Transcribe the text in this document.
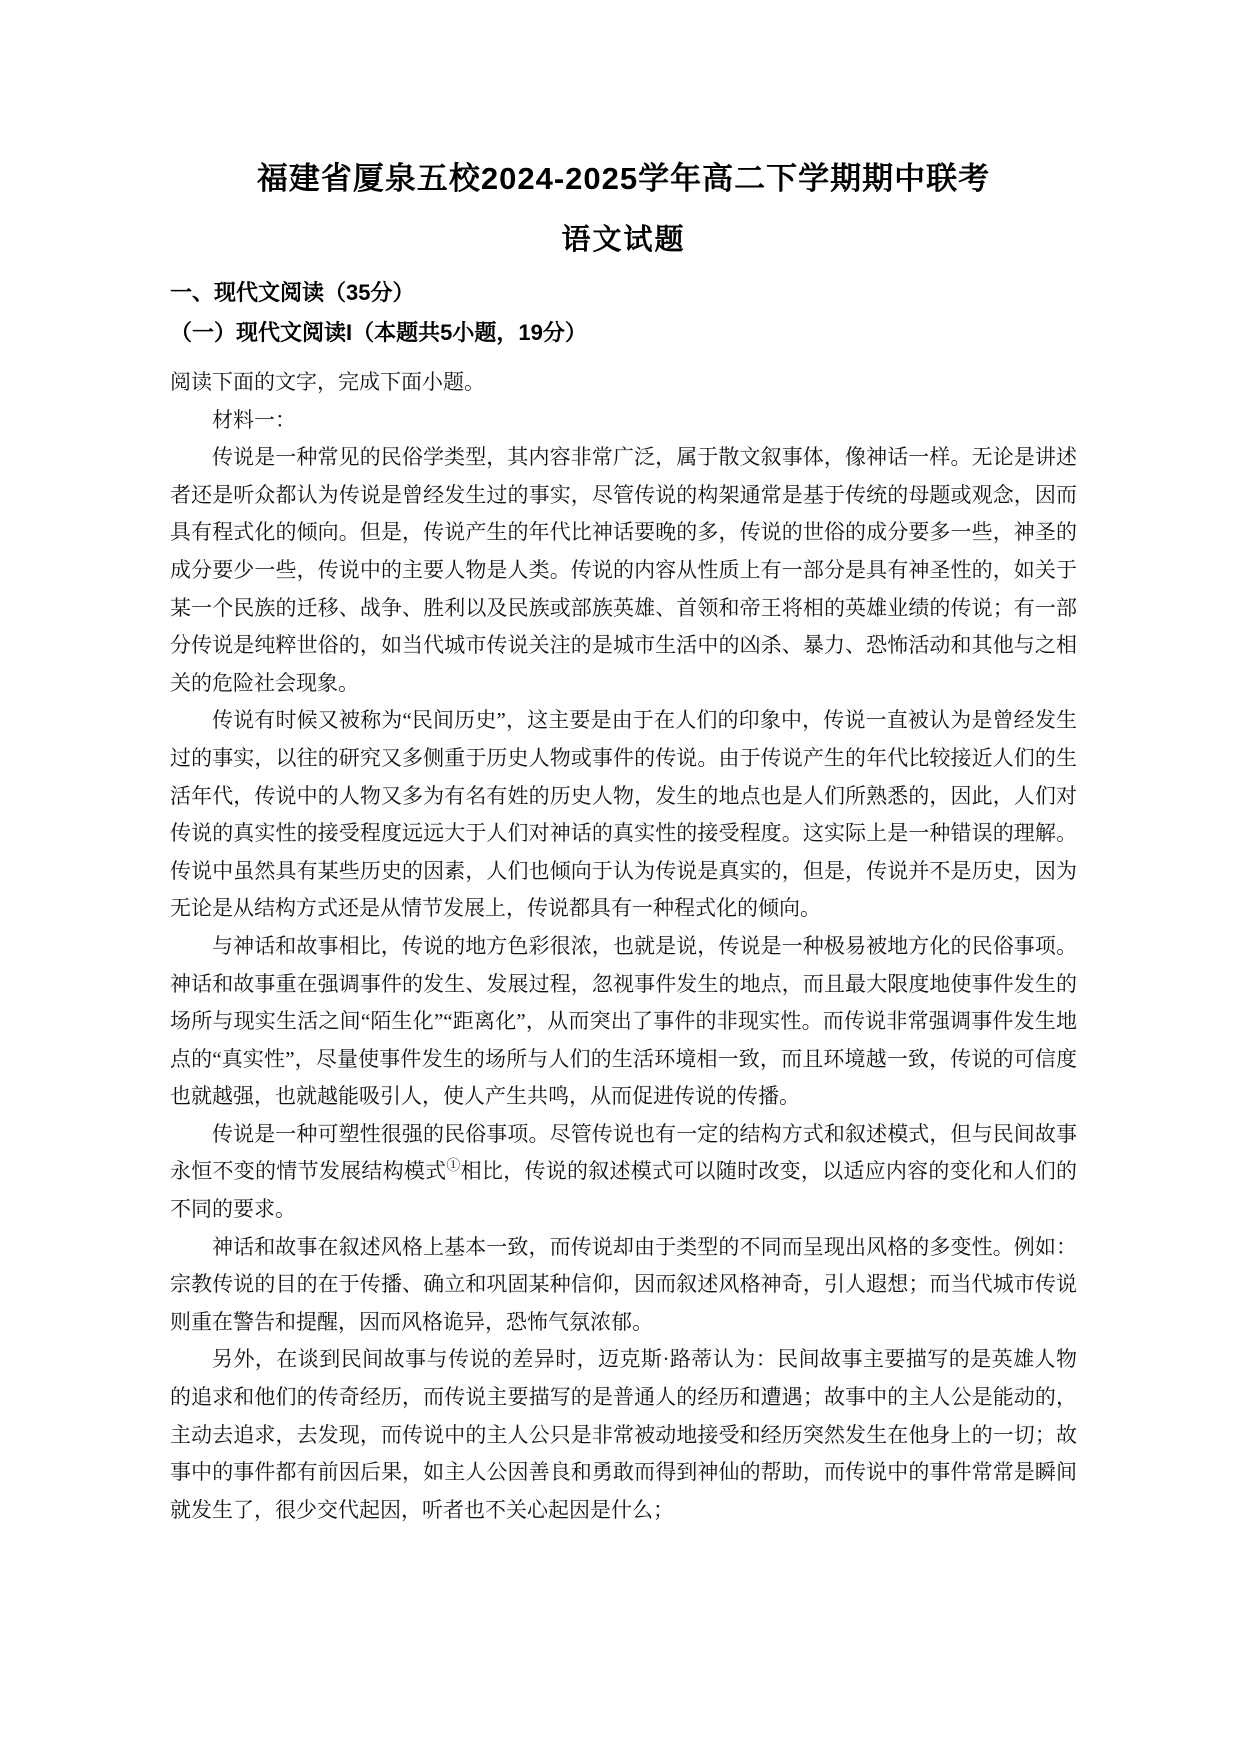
福建省厦泉五校2024-2025学年高二下学期期中联考
语文试题
一、现代文阅读（35分）
（一）现代文阅读I（本题共5小题，19分）

阅读下面的文字，完成下面小题。

材料一：

传说是一种常见的民俗学类型，其内容非常广泛，属于散文叙事体，像神话一样。无论是讲述者还是听众都认为传说是曾经发生过的事实，尽管传说的构架通常是基于传统的母题或观念，因而具有程式化的倾向。但是，传说产生的年代比神话要晚的多，传说的世俗的成分要多一些，神圣的成分要少一些，传说中的主要人物是人类。传说的内容从性质上有一部分是具有神圣性的，如关于某一个民族的迁移、战争、胜利以及民族或部族英雄、首领和帝王将相的英雄业绩的传说；有一部分传说是纯粹世俗的，如当代城市传说关注的是城市生活中的凶杀、暴力、恐怖活动和其他与之相关的危险社会现象。

传说有时候又被称为“民间历史”，这主要是由于在人们的印象中，传说一直被认为是曾经发生过的事实，以往的研究又多侧重于历史人物或事件的传说。由于传说产生的年代比较接近人们的生活年代，传说中的人物又多为有名有姓的历史人物，发生的地点也是人们所熟悉的，因此，人们对传说的真实性的接受程度远远大于人们对神话的真实性的接受程度。这实际上是一种错误的理解。传说中虽然具有某些历史的因素，人们也倾向于认为传说是真实的，但是，传说并不是历史，因为无论是从结构方式还是从情节发展上，传说都具有一种程式化的倾向。

与神话和故事相比，传说的地方色彩很浓，也就是说，传说是一种极易被地方化的民俗事项。神话和故事重在强调事件的发生、发展过程，忽视事件发生的地点，而且最大限度地使事件发生的场所与现实生活之间“陌生化”“距离化”，从而突出了事件的非现实性。而传说非常强调事件发生地点的“真实性”，尽量使事件发生的场所与人们的生活环境相一致，而且环境越一致，传说的可信度也就越强，也就越能吸引人，使人产生共鸣，从而促进传说的传播。

传说是一种可塑性很强的民俗事项。尽管传说也有一定的结构方式和叙述模式，但与民间故事永恒不变的情节发展结构模式①相比，传说的叙述模式可以随时改变，以适应内容的变化和人们的不同的要求。

神话和故事在叙述风格上基本一致，而传说却由于类型的不同而呈现出风格的多变性。例如：宗教传说的目的在于传播、确立和巩固某种信仰，因而叙述风格神奇，引人遐想；而当代城市传说则重在警告和提醒，因而风格诡异，恐怖气氛浓郁。

另外，在谈到民间故事与传说的差异时，迈克斯·路蒂认为：民间故事主要描写的是英雄人物的追求和他们的传奇经历，而传说主要描写的是普通人的经历和遭遇；故事中的主人公是能动的，主动去追求，去发现，而传说中的主人公只是非常被动地接受和经历突然发生在他身上的一切；故事中的事件都有前因后果，如主人公因善良和勇敢而得到神仙的帮助，而传说中的事件常常是瞬间就发生了，很少交代起因，听者也不关心起因是什么；
